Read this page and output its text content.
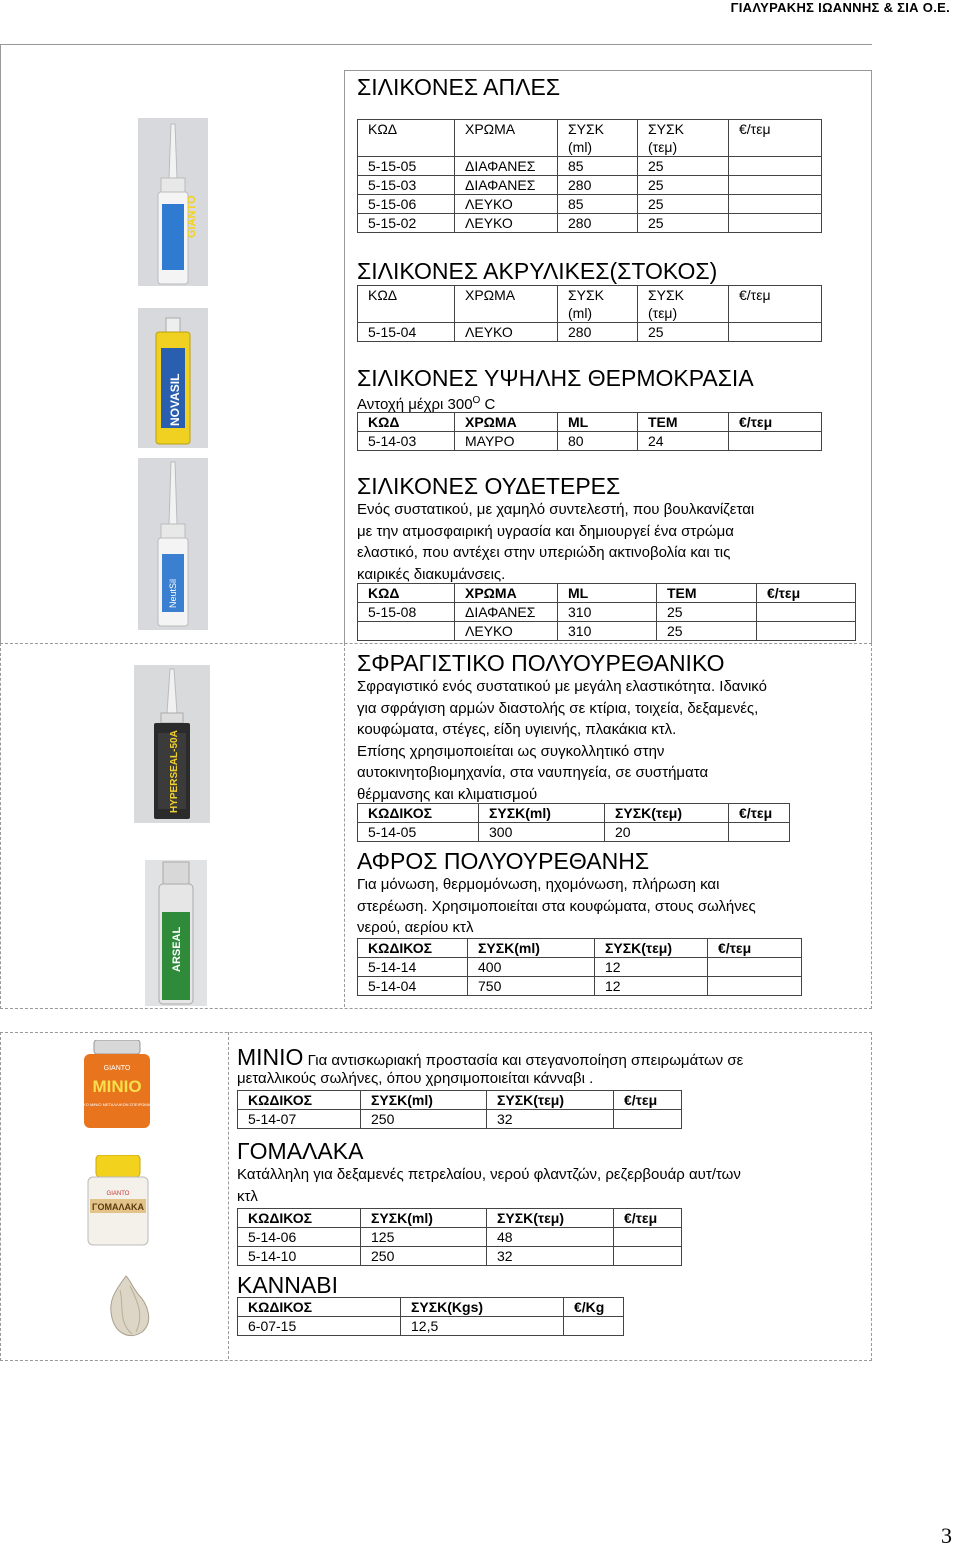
ΓΙΑΛΥΡΑΚΗΣ ΙΩΑΝΝΗΣ & ΣΙΑ Ο.Ε.
GIANTO
NOVASIL
NeutSil
HYPERSEAL-50A
ARSEAL
GIANTO
MINIO
ΕΙΔΙΚΟ ΜΙΝΙΟ ΜΕΤΑΛΛΙΚΩΝ ΣΠΕΙΡΩΜΑΤΩΝ
GIANTO
ΓΟΜΑΛΑΚΑ
ΣΙΛΙΚΟΝΕΣ ΑΠΛΕΣ
ΚΩΔ	ΧΡΩΜΑ	ΣΥΣΚ (ml)	ΣΥΣΚ (τεμ)	€/τεμ
5-15-05	ΔΙΑΦΑΝΕΣ	85	25	
5-15-03	ΔΙΑΦΑΝΕΣ	280	25	
5-15-06	ΛΕΥΚΟ	85	25	
5-15-02	ΛΕΥΚΟ	280	25	
ΣΙΛΙΚΟΝΕΣ ΑΚΡΥΛΙΚΕΣ(ΣΤΟΚΟΣ)
ΚΩΔ	ΧΡΩΜΑ	ΣΥΣΚ (ml)	ΣΥΣΚ (τεμ)	€/τεμ
5-15-04	ΛΕΥΚΟ	280	25	
ΣΙΛΙΚΟΝΕΣ ΥΨΗΛΗΣ ΘΕΡΜΟΚΡΑΣΙΑ
Αντοχή μέχρι $300^O$ C
ΚΩΔ	ΧΡΩΜΑ	ML	ΤΕΜ	€/τεμ
5-14-03	ΜΑΥΡΟ	80	24	
ΣΙΛΙΚΟΝΕΣ ΟΥΔΕΤΕΡΕΣ
Ενός συστατικού, με χαμηλό συντελεστή, που βουλκανίζεται
με την ατμοσφαιρική υγρασία και δημιουργεί ένα στρώμα
ελαστικό, που αντέχει στην υπεριώδη ακτινοβολία και τις
καιρικές διακυμάνσεις.
ΚΩΔ	ΧΡΩΜΑ	ML	ΤΕΜ	€/τεμ
5-15-08	ΔΙΑΦΑΝΕΣ	310	25	
	ΛΕΥΚΟ	310	25	
ΣΦΡΑΓΙΣΤΙΚΟ ΠΟΛΥΟΥΡΕΘΑΝΙΚΟ
Σφραγιστικό ενός συστατικού με μεγάλη ελαστικότητα. Ιδανικό
για σφράγιση αρμών διαστολής σε κτίρια, τοιχεία, δεξαμενές,
κουφώματα, στέγες, είδη υγιεινής, πλακάκια κτλ.
Επίσης χρησιμοποιείται ως συγκολλητικό στην
αυτοκινητοβιομηχανία, στα ναυπηγεία, σε συστήματα
θέρμανσης και κλιματισμού
ΚΩΔΙΚΟΣ	ΣΥΣΚ(ml)	ΣΥΣΚ(τεμ)	€/τεμ
5-14-05	300	20	
ΑΦΡΟΣ ΠΟΛΥΟΥΡΕΘΑΝΗΣ
Για μόνωση, θερμομόνωση, ηχομόνωση, πλήρωση και
στερέωση. Χρησιμοποιείται στα κουφώματα, στους σωλήνες
νερού, αερίου κτλ
ΚΩΔΙΚΟΣ	ΣΥΣΚ(ml)	ΣΥΣΚ(τεμ)	€/τεμ
5-14-14	400	12	
5-14-04	750	12	
ΜΙΝΙΟ Για αντισκωριακή προστασία και στεγανοποίηση σπειρωμάτων σε
μεταλλικούς σωλήνες, όπου χρησιμοποιείται κάνναβι .
ΚΩΔΙΚΟΣ	ΣΥΣΚ(ml)	ΣΥΣΚ(τεμ)	€/τεμ
5-14-07	250	32	
ΓΟΜΑΛΑΚΑ
Κατάλληλη για δεξαμενές πετρελαίου, νερού φλαντζών, ρεζερβουάρ αυτ/των
κτλ
ΚΩΔΙΚΟΣ	ΣΥΣΚ(ml)	ΣΥΣΚ(τεμ)	€/τεμ
5-14-06	125	48	
5-14-10	250	32	
ΚΑΝΝΑΒΙ
ΚΩΔΙΚΟΣ	ΣΥΣΚ(Kgs)	€/Kg
6-07-15	12,5	
3
